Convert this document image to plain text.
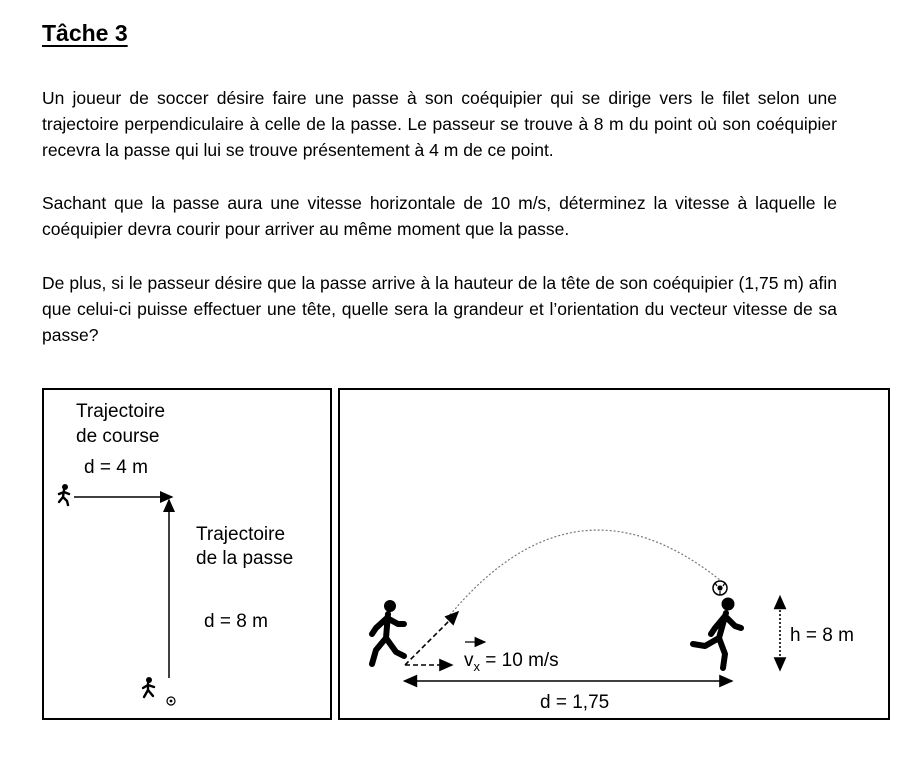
Tâche 3
Un joueur de soccer désire faire une passe à son coéquipier qui se dirige vers le filet selon une trajectoire perpendiculaire à celle de la passe. Le passeur se trouve à 8 m du point où son coéquipier recevra la passe qui lui se trouve présentement à 4 m de ce point.
Sachant que la passe aura une vitesse horizontale de 10 m/s, déterminez la vitesse à laquelle le coéquipier devra courir pour arriver au même moment que la passe.
De plus, si le passeur désire que la passe arrive à la hauteur de la tête de son coéquipier (1,75 m) afin que celui-ci puisse effectuer une tête, quelle sera la grandeur et l’orientation du vecteur vitesse de sa passe?
Trajectoire
de course
d = 4 m
Trajectoire
de la passe
d = 8 m
$v_x = 10$ m/s
h = 8 m
d = 1,75
